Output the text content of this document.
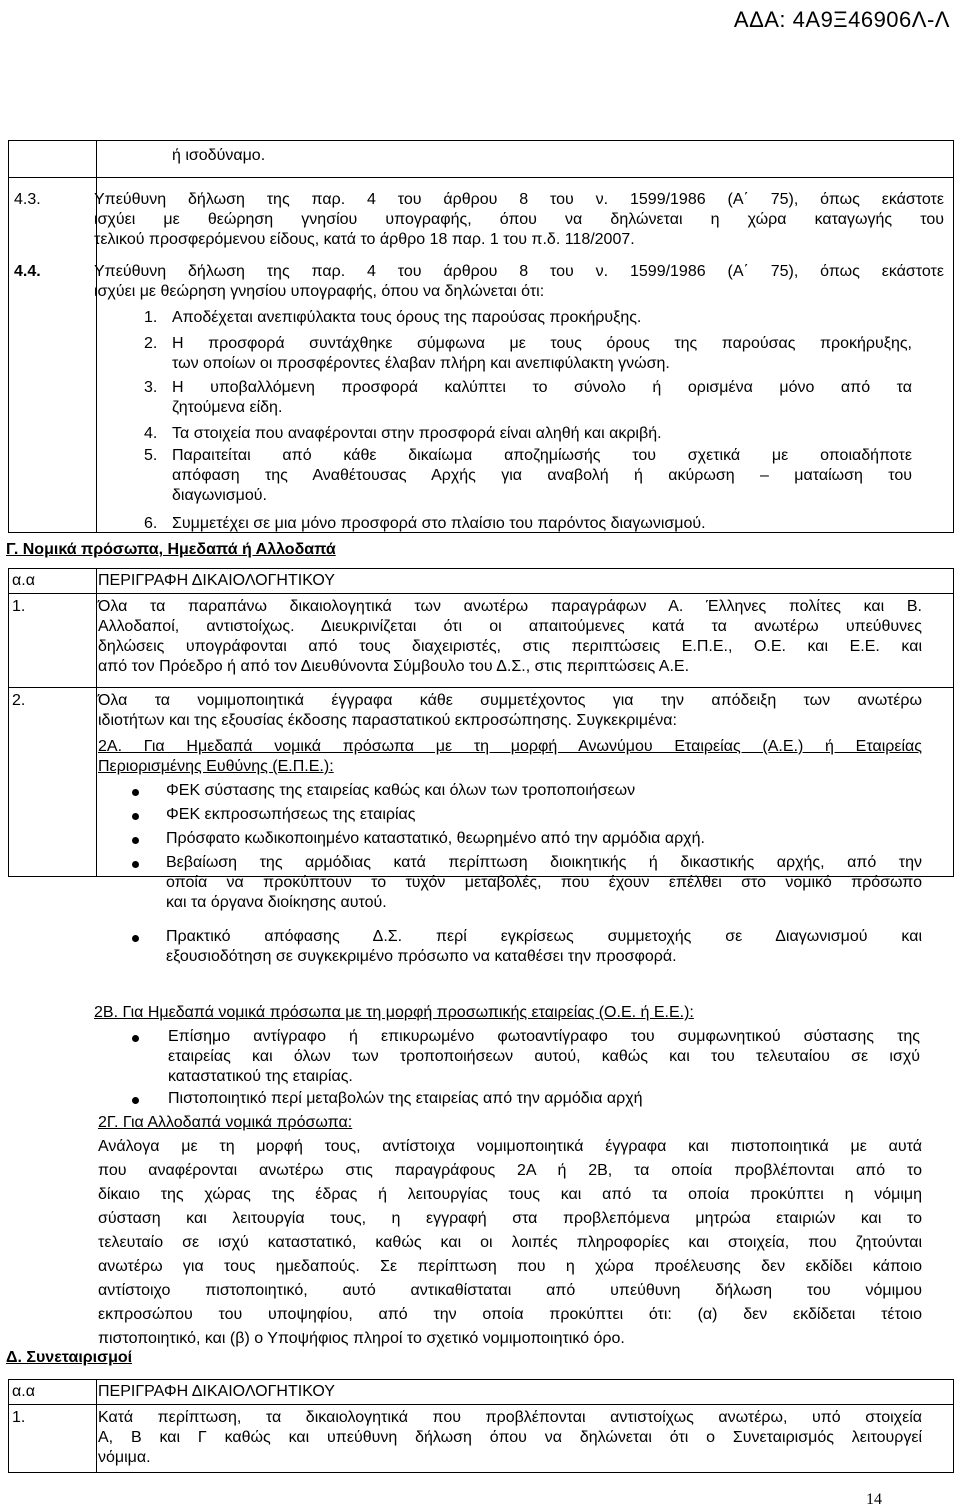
ΑΔΑ: 4Α9Ξ46906Λ-Λ
ή ισοδύναμο.
4.3.	Υπεύθυνη δήλωση της παρ. 4 του άρθρου 8 του ν. 1599/1986 (Α΄ 75), όπως εκάστοτε
ισχύει με θεώρηση γνησίου υπογραφής, όπου να δηλώνεται η χώρα καταγωγής του
τελικού προσφερόμενου είδους, κατά το άρθρο 18 παρ. 1 του π.δ. 118/2007.
4.4.	Υπεύθυνη δήλωση της παρ. 4 του άρθρου 8 του ν. 1599/1986 (Α΄ 75), όπως εκάστοτε
ισχύει με θεώρηση γνησίου υπογραφής, όπου να δηλώνεται ότι:
1. Αποδέχεται ανεπιφύλακτα τους όρους της παρούσας προκήρυξης.
2. Η προσφορά συντάχθηκε σύμφωνα με τους όρους της παρούσας προκήρυξης,
των οποίων οι προσφέροντες έλαβαν πλήρη και ανεπιφύλακτη γνώση.
3. Η υποβαλλόμενη προσφορά καλύπτει το σύνολο ή ορισμένα μόνο από τα
ζητούμενα είδη.
4. Τα στοιχεία που αναφέρονται στην προσφορά είναι αληθή και ακριβή.
5. Παραιτείται από κάθε δικαίωμα αποζημίωσής του σχετικά με οποιαδήποτε
απόφαση της Αναθέτουσας Αρχής για αναβολή ή ακύρωση – ματαίωση του
διαγωνισμού.
6. Συμμετέχει σε μια μόνο προσφορά στο πλαίσιο του παρόντος διαγωνισμού.
Γ. Νομικά πρόσωπα, Ημεδαπά ή Αλλοδαπά
α.α	ΠΕΡΙΓΡΑΦΗ ΔΙΚΑΙΟΛΟΓΗΤΙΚΟΥ
1.	Όλα τα παραπάνω δικαιολογητικά των ανωτέρω παραγράφων Α. Έλληνες πολίτες και Β.
Αλλοδαποί, αντιστοίχως. Διευκρινίζεται ότι οι απαιτούμενες κατά τα ανωτέρω υπεύθυνες
δηλώσεις υπογράφονται από τους διαχειριστές, στις περιπτώσεις Ε.Π.Ε., Ο.Ε. και Ε.Ε. και
από τον Πρόεδρο ή από τον Διευθύνοντα Σύμβουλο του Δ.Σ., στις περιπτώσεις Α.Ε.
2.	Όλα τα νομιμοποιητικά έγγραφα κάθε συμμετέχοντος για την απόδειξη των ανωτέρω
ιδιοτήτων και της εξουσίας έκδοσης παραστατικού εκπροσώπησης. Συγκεκριμένα:
2Α. Για Ημεδαπά νομικά πρόσωπα με τη μορφή Ανωνύμου Εταιρείας (Α.Ε.) ή Εταιρείας
Περιορισμένης Ευθύνης (Ε.Π.Ε.):
ΦΕΚ σύστασης της εταιρείας καθώς και όλων των τροποποιήσεων
ΦΕΚ εκπροσωπήσεως της εταιρίας
Πρόσφατο κωδικοποιημένο καταστατικό, θεωρημένο από την αρμόδια αρχή.
Βεβαίωση της αρμόδιας κατά περίπτωση διοικητικής ή δικαστικής αρχής, από την
οποία να προκύπτουν το τυχόν μεταβολές, που έχουν επέλθει στο νομικό πρόσωπο
και τα όργανα διοίκησης αυτού.
Πρακτικό απόφασης Δ.Σ. περί εγκρίσεως συμμετοχής σε Διαγωνισμού και
εξουσιοδότηση σε συγκεκριμένο πρόσωπο να καταθέσει την προσφορά.
2Β. Για Ημεδαπά νομικά πρόσωπα με τη μορφή προσωπικής εταιρείας (Ο.Ε. ή Ε.Ε.):
Επίσημο αντίγραφο ή επικυρωμένο φωτοαντίγραφο του συμφωνητικού σύστασης της
εταιρείας και όλων των τροποποιήσεων αυτού, καθώς και του τελευταίου σε ισχύ
καταστατικού της εταιρίας.
Πιστοποιητικό περί μεταβολών της εταιρείας από την αρμόδια αρχή
2Γ. Για Αλλοδαπά νομικά πρόσωπα:
Ανάλογα με τη μορφή τους, αντίστοιχα νομιμοποιητικά έγγραφα και πιστοποιητικά με αυτά
που αναφέρονται ανωτέρω στις παραγράφους 2Α ή 2Β, τα οποία προβλέπονται από το
δίκαιο της χώρας της έδρας ή λειτουργίας τους και από τα οποία προκύπτει η νόμιμη
σύσταση και λειτουργία τους, η εγγραφή στα προβλεπόμενα μητρώα εταιριών και το
τελευταίο σε ισχύ καταστατικό, καθώς και οι λοιπές πληροφορίες και στοιχεία, που ζητούνται
ανωτέρω για τους ημεδαπούς. Σε περίπτωση που η χώρα προέλευσης δεν εκδίδει κάποιο
αντίστοιχο πιστοποιητικό, αυτό αντικαθίσταται από υπεύθυνη δήλωση του νόμιμου
εκπροσώπου του υποψηφίου, από την οποία προκύπτει ότι: (α) δεν εκδίδεται τέτοιο
πιστοποιητικό, και (β) ο Υποψήφιος πληροί το σχετικό νομιμοποιητικό όρο.
Δ. Συνεταιρισμοί
α.α	ΠΕΡΙΓΡΑΦΗ ΔΙΚΑΙΟΛΟΓΗΤΙΚΟΥ
1.	Κατά περίπτωση, τα δικαιολογητικά που προβλέπονται αντιστοίχως ανωτέρω, υπό στοιχεία
Α, Β και Γ καθώς και υπεύθυνη δήλωση όπου να δηλώνεται ότι ο Συνεταιρισμός λειτουργεί
νόμιμα.
14
